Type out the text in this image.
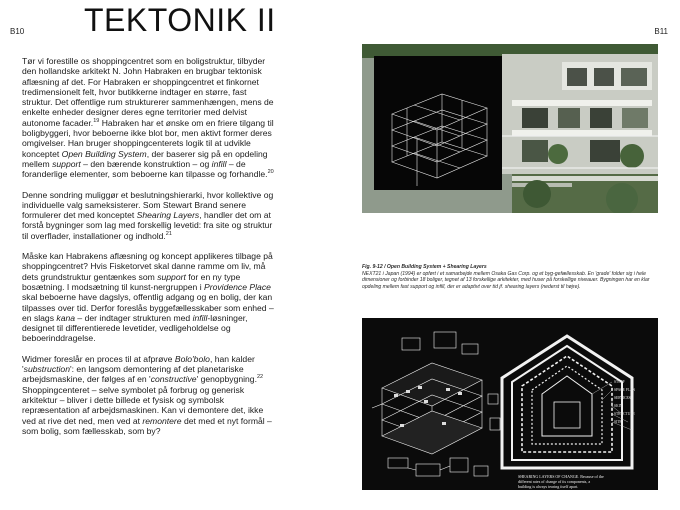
B10	B11
TEKTONIK II

Tør vi forestille os shoppingcentret som en boligstruktur, tilbyder den hollandske arkitekt N. John Habraken en brugbar tektonisk aflæsning af det. For Habraken er shoppingcentret et finkornet tredimensionelt felt, hvor butikkerne indtager en større, fast struktur. Det offentlige rum strukturerer sammenhængen, mens de enkelte enheder designer deres egne territorier med delvist autonome facader.$^{19}$ Habraken har et ønske om en friere tilgang til boligbyggeri, hvor beboerne ikke blot bor, men aktivt former deres omgivelser. Han bruger shoppingcenterets logik til at udvikle konceptet Open Building System, der baserer sig på en opdeling mellem support – den bærende konstruktion – og infill – de foranderlige elementer, som beboerne kan tilpasse og forhandle.$^{20}$

Denne sondring muliggør et beslutningshierarki, hvor kollektive og individuelle valg sameksisterer. Som Stewart Brand senere formulerer det med konceptet Shearing Layers, handler det om at forstå bygninger som lag med forskellig levetid: fra site og struktur til overflader, installationer og indhold.$^{21}$

Måske kan Habrakens aflæsning og koncept applikeres tilbage på shoppingcentret? Hvis Fisketorvet skal danne ramme om liv, må dets grundstruktur gentænkes som support for en ny type bosætning. I modsætning til kunst-nergruppen i Providence Place skal beboerne have dagslys, offentlig adgang og en bolig, der kan tilpasses over tid. Derfor foreslås byggefællesskaber som enhed – en slags kana – der indtager strukturen med infill-løsninger, designet til differentierede levetider, vedligeholdelse og beboerinddragelse.

Widmer foreslår en proces til at afprøve Bolo'bolo, han kalder 'substruction': en langsom demontering af det planetariske arbejdsmaskine, der følges af en 'constructive' genopbygning.$^{22}$ Shoppingcenteret – selve symbolet på forbrug og generisk arkitektur – bliver i dette billede et fysisk og symbolsk repræsentation af arbejdsmaskinen. Kan vi demontere det, ikke ved at rive det ned, men ved at remontere det med et nyt formål – som bolig, som fællesskab, som by?

Fig. 9-12 / Open Building System + Shearing Layers
NEXT21 i Japan (1994) er opført i et samarbejde mellem Osaka Gas Corp. og et byg-gefællesskab. En 'grade' folder sig i hele dimensioner og forbinder 18 boliger, tegnet af 13 forskellige arkitekter, med huser på forskellige niveauer. Bygningen har en klar opdeling mellem fast support og infill, der er adaptivt over tid jf. shearing layers (nederst til højre).
STUFF
SPACE PLAN
SERVICES
SKIN
STRUCTURE
SITE
SHEARING LAYERS OF CHANGE. Because of the
different rates of change of its components, a
building is always tearing itself apart.
